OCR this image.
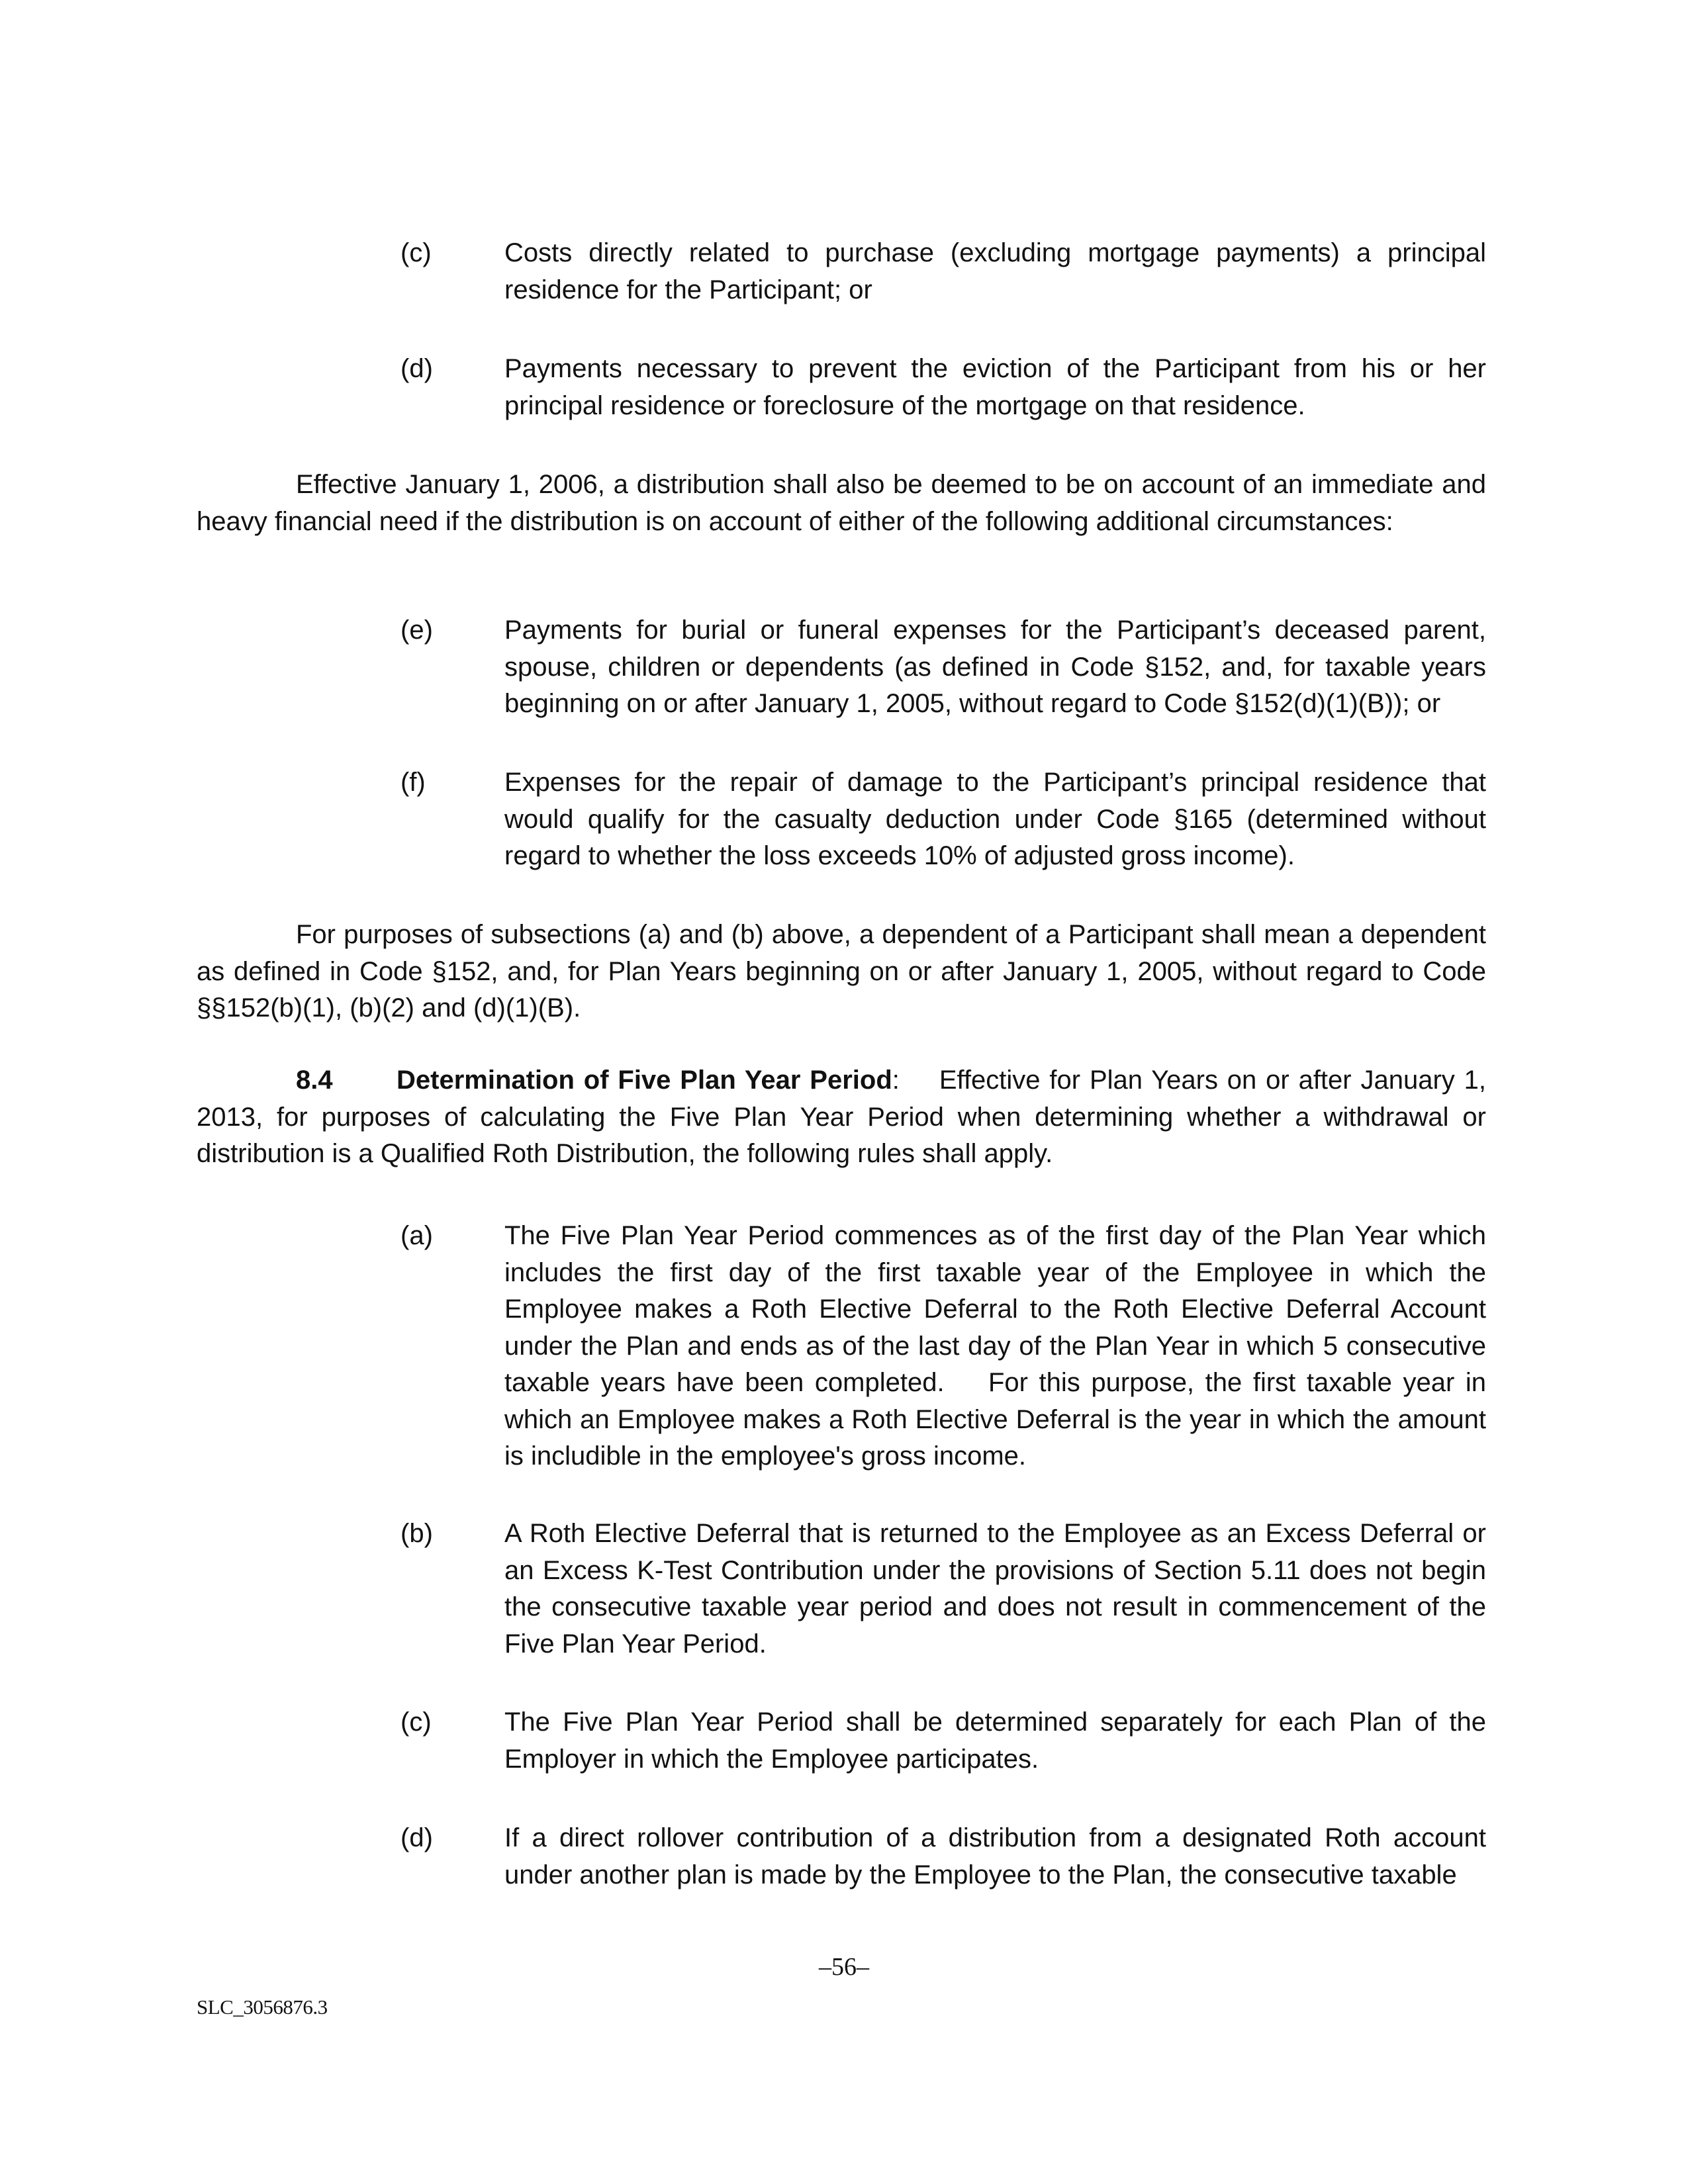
(c)	Costs directly related to purchase (excluding mortgage payments) a principal residence for the Participant; or
(d)	Payments necessary to prevent the eviction of the Participant from his or her principal residence or foreclosure of the mortgage on that residence.
Effective January 1, 2006, a distribution shall also be deemed to be on account of an immediate and heavy financial need if the distribution is on account of either of the following additional circumstances:
(e)	Payments for burial or funeral expenses for the Participant’s deceased parent, spouse, children or dependents (as defined in Code §152, and, for taxable years beginning on or after January 1, 2005, without regard to Code §152(d)(1)(B)); or
(f)	Expenses for the repair of damage to the Participant’s principal residence that would qualify for the casualty deduction under Code §165 (determined without regard to whether the loss exceeds 10% of adjusted gross income).
For purposes of subsections (a) and (b) above, a dependent of a Participant shall mean a dependent as defined in Code §152, and, for Plan Years beginning on or after January 1, 2005, without regard to Code §§152(b)(1), (b)(2) and (d)(1)(B).
8.4 Determination of Five Plan Year Period: Effective for Plan Years on or after January 1, 2013, for purposes of calculating the Five Plan Year Period when determining whether a withdrawal or distribution is a Qualified Roth Distribution, the following rules shall apply.
(a)	The Five Plan Year Period commences as of the first day of the Plan Year which includes the first day of the first taxable year of the Employee in which the Employee makes a Roth Elective Deferral to the Roth Elective Deferral Account under the Plan and ends as of the last day of the Plan Year in which 5 consecutive taxable years have been completed.    For this purpose, the first taxable year in which an Employee makes a Roth Elective Deferral is the year in which the amount is includible in the employee's gross income.
(b)	A Roth Elective Deferral that is returned to the Employee as an Excess Deferral or an Excess K-Test Contribution under the provisions of Section 5.11 does not begin the consecutive taxable year period and does not result in commencement of the Five Plan Year Period.
(c)	The Five Plan Year Period shall be determined separately for each Plan of the Employer in which the Employee participates.
(d)	If a direct rollover contribution of a distribution from a designated Roth account under another plan is made by the Employee to the Plan, the consecutive taxable
–56–
SLC_3056876.3
